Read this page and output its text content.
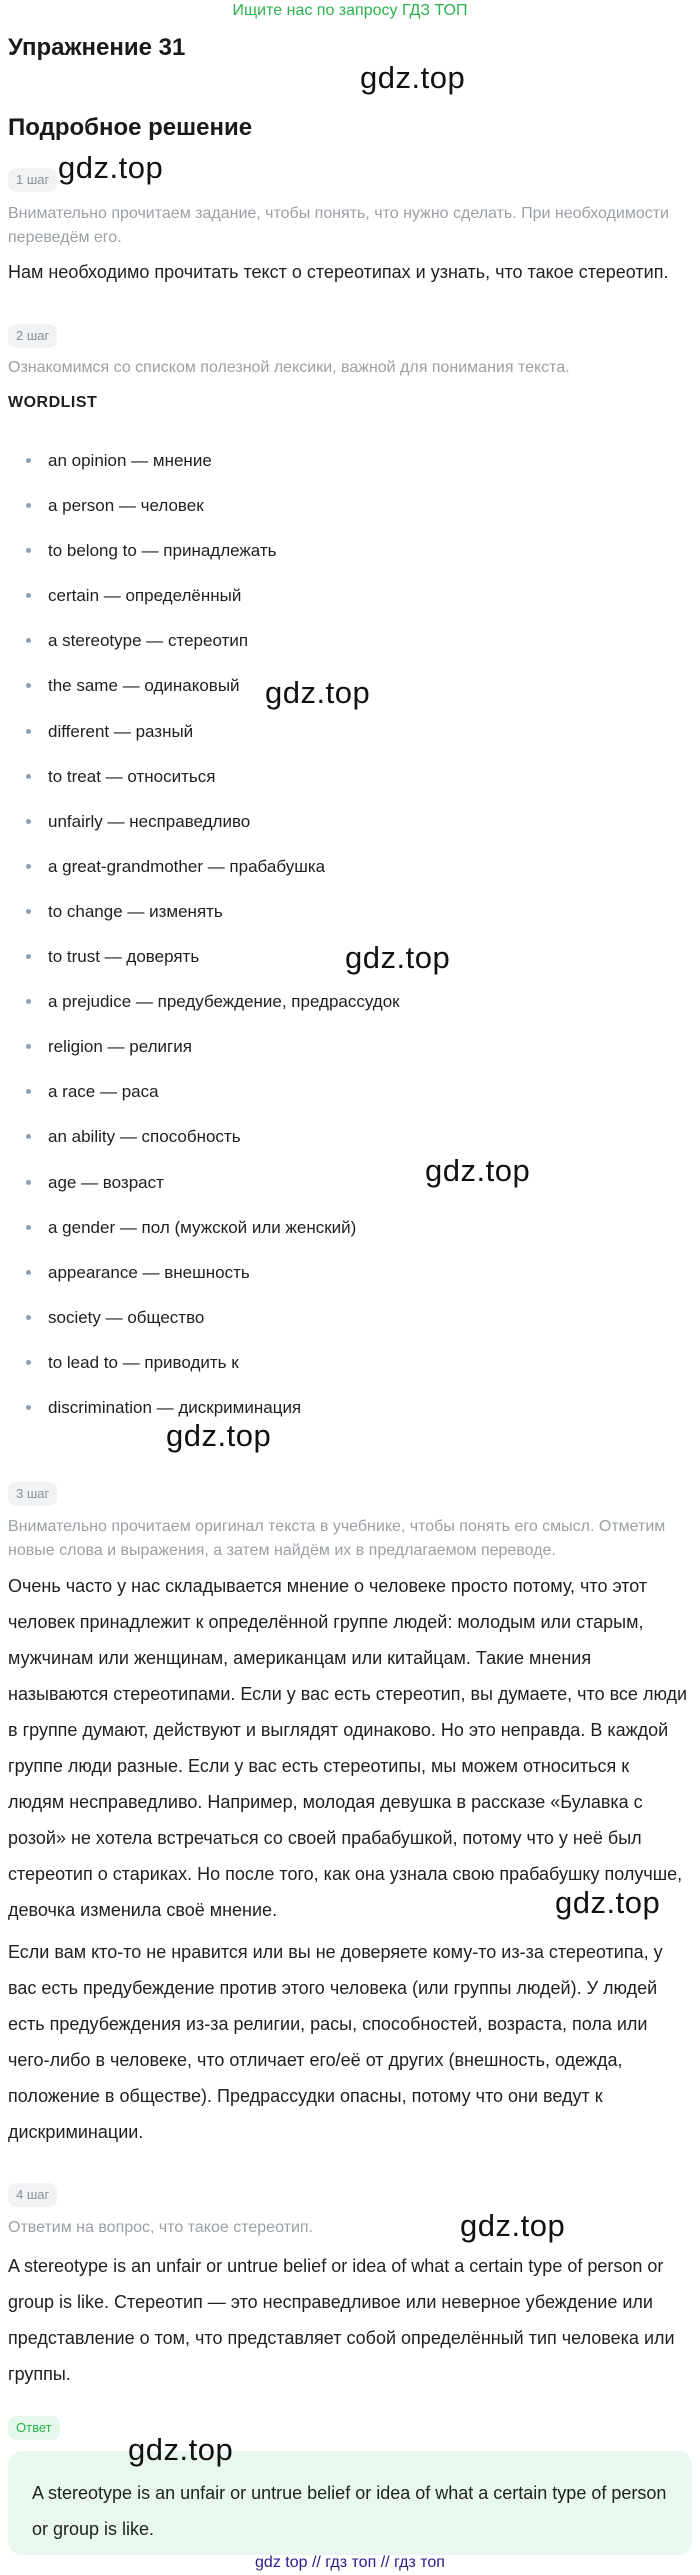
Ищите нас по запросу ГДЗ ТОП
Упражнение 31
gdz.top
Подробное решение
1 шаг gdz.top
Внимательно прочитаем задание, чтобы понять, что нужно сделать. При необходимости переведём его.
Нам необходимо прочитать текст о стереотипах и узнать, что такое стереотип.
2 шаг
Ознакомимся со списком полезной лексики, важной для понимания текста.
WORDLIST
an opinion — мнение
a person — человек
to belong to — принадлежать
certain — определённый
a stereotype — стереотип
the same — одинаковый
different — разный
to treat — относиться
unfairly — несправедливо
a great-grandmother — прабабушка
to change — изменять
to trust — доверять
a prejudice — предубеждение, предрассудок
religion — религия
a race — раса
an ability — способность
age — возраст
a gender — пол (мужской или женский)
appearance — внешность
society — общество
to lead to — приводить к
discrimination — дискриминация
gdz.top
gdz.top
gdz.top
gdz.top
3 шаг
Внимательно прочитаем оригинал текста в учебнике, чтобы понять его смысл. Отметим новые слова и выражения, а затем найдём их в предлагаемом переводе.
Очень часто у нас складывается мнение о человеке просто потому, что этот человек принадлежит к определённой группе людей: молодым или старым, мужчинам или женщинам, американцам или китайцам. Такие мнения называются стереотипами. Если у вас есть стереотип, вы думаете, что все люди в группе думают, действуют и выглядят одинаково. Но это неправда. В каждой группе люди разные. Если у вас есть стереотипы, мы можем относиться к людям несправедливо. Например, молодая девушка в рассказе «Булавка с розой» не хотела встречаться со своей прабабушкой, потому что у неё был стереотип о стариках. Но после того, как она узнала свою прабабушку получше, девочка изменила своё мнение.	gdz.top
Если вам кто-то не нравится или вы не доверяете кому-то из-за стереотипа, у вас есть предубеждение против этого человека (или группы людей). У людей есть предубеждения из-за религии, расы, способностей, возраста, пола или чего-либо в человеке, что отличает его/её от других (внешность, одежда, положение в обществе). Предрассудки опасны, потому что они ведут к дискриминации.
4 шаг
gdz.top
Ответим на вопрос, что такое стереотип.
A stereotype is an unfair or untrue belief or idea of what a certain type of person or group is like. Стереотип — это несправедливое или неверное убеждение или представление о том, что представляет собой определённый тип человека или группы.
Ответ
gdz.top
A stereotype is an unfair or untrue belief or idea of what a certain type of person or group is like.
gdz top // гдз топ // гдз топ
